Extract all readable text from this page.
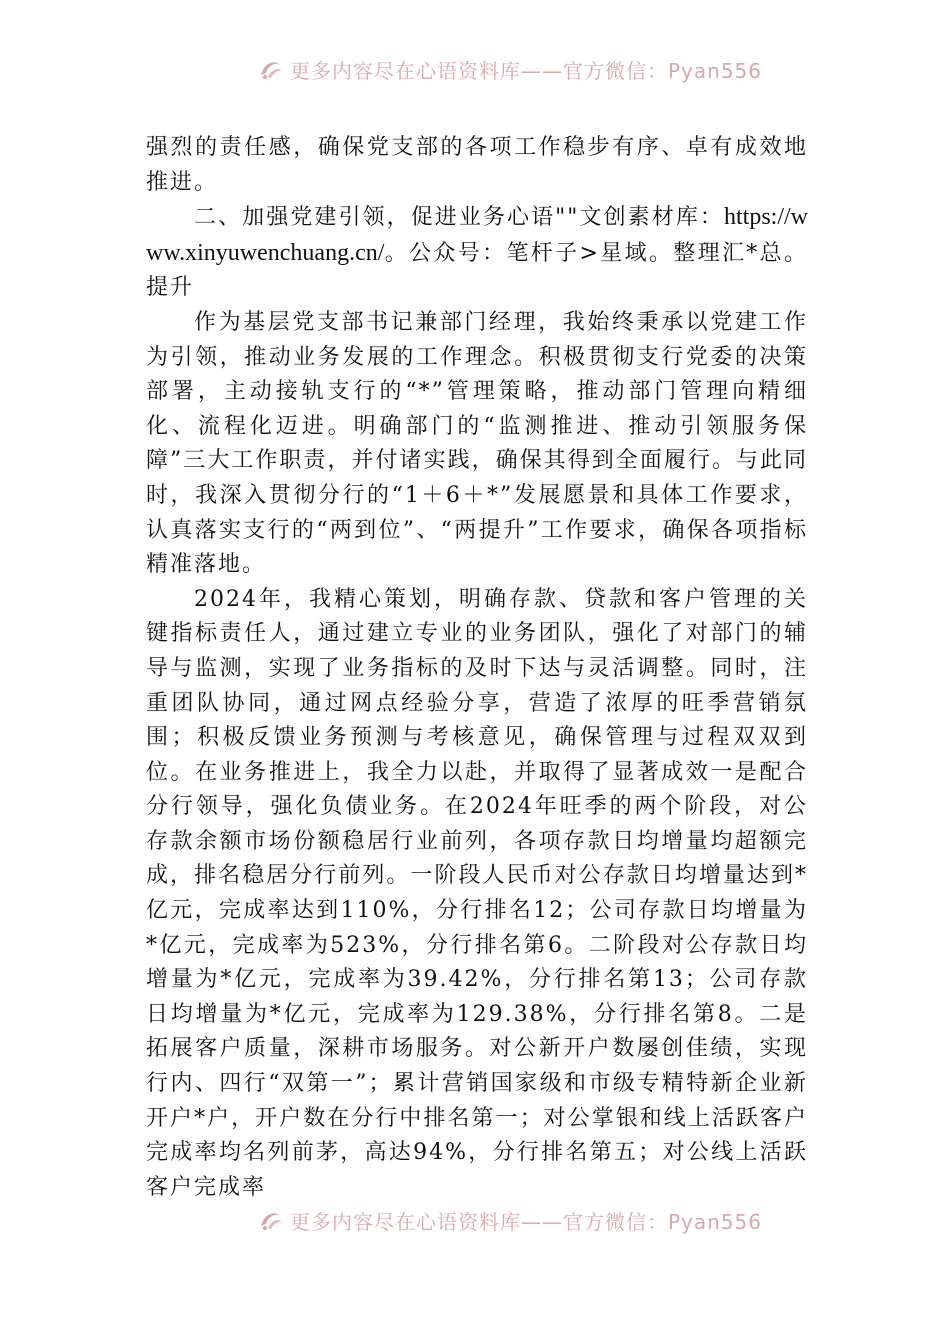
更多内容尽在心语资料库——官方微信：Pyan556

强烈的责任感，确保党支部的各项工作稳步有序、卓有成效地推进。

二、加强党建引领，促进业务心语""文创素材库：https://www.xinyuwenchuang.cn/。公众号：笔杆子>星域。整理汇*总。提升

作为基层党支部书记兼部门经理，我始终秉承以党建工作为引领，推动业务发展的工作理念。积极贯彻支行党委的决策部署，主动接轨支行的“*”管理策略，推动部门管理向精细化、流程化迈进。明确部门的“监测推进、推动引领服务保障”三大工作职责，并付诸实践，确保其得到全面履行。与此同时，我深入贯彻分行的“1＋6＋*”发展愿景和具体工作要求，认真落实支行的“两到位”、“两提升”工作要求，确保各项指标精准落地。

2024年，我精心策划，明确存款、贷款和客户管理的关键指标责任人，通过建立专业的业务团队，强化了对部门的辅导与监测，实现了业务指标的及时下达与灵活调整。同时，注重团队协同，通过网点经验分享，营造了浓厚的旺季营销氛围；积极反馈业务预测与考核意见，确保管理与过程双双到位。在业务推进上，我全力以赴，并取得了显著成效一是配合分行领导，强化负债业务。在2024年旺季的两个阶段，对公存款余额市场份额稳居行业前列，各项存款日均增量均超额完成，排名稳居分行前列。一阶段人民币对公存款日均增量达到*亿元，完成率达到110%，分行排名12；公司存款日均增量为*亿元，完成率为523%，分行排名第6。二阶段对公存款日均增量为*亿元，完成率为39.42%，分行排名第13；公司存款日均增量为*亿元，完成率为129.38%，分行排名第8。二是拓展客户质量，深耕市场服务。对公新开户数屡创佳绩，实现行内、四行“双第一”；累计营销国家级和市级专精特新企业新开户*户，开户数在分行中排名第一；对公掌银和线上活跃客户完成率均名列前茅，高达94%，分行排名第五；对公线上活跃客户完成率

更多内容尽在心语资料库——官方微信：Pyan556
